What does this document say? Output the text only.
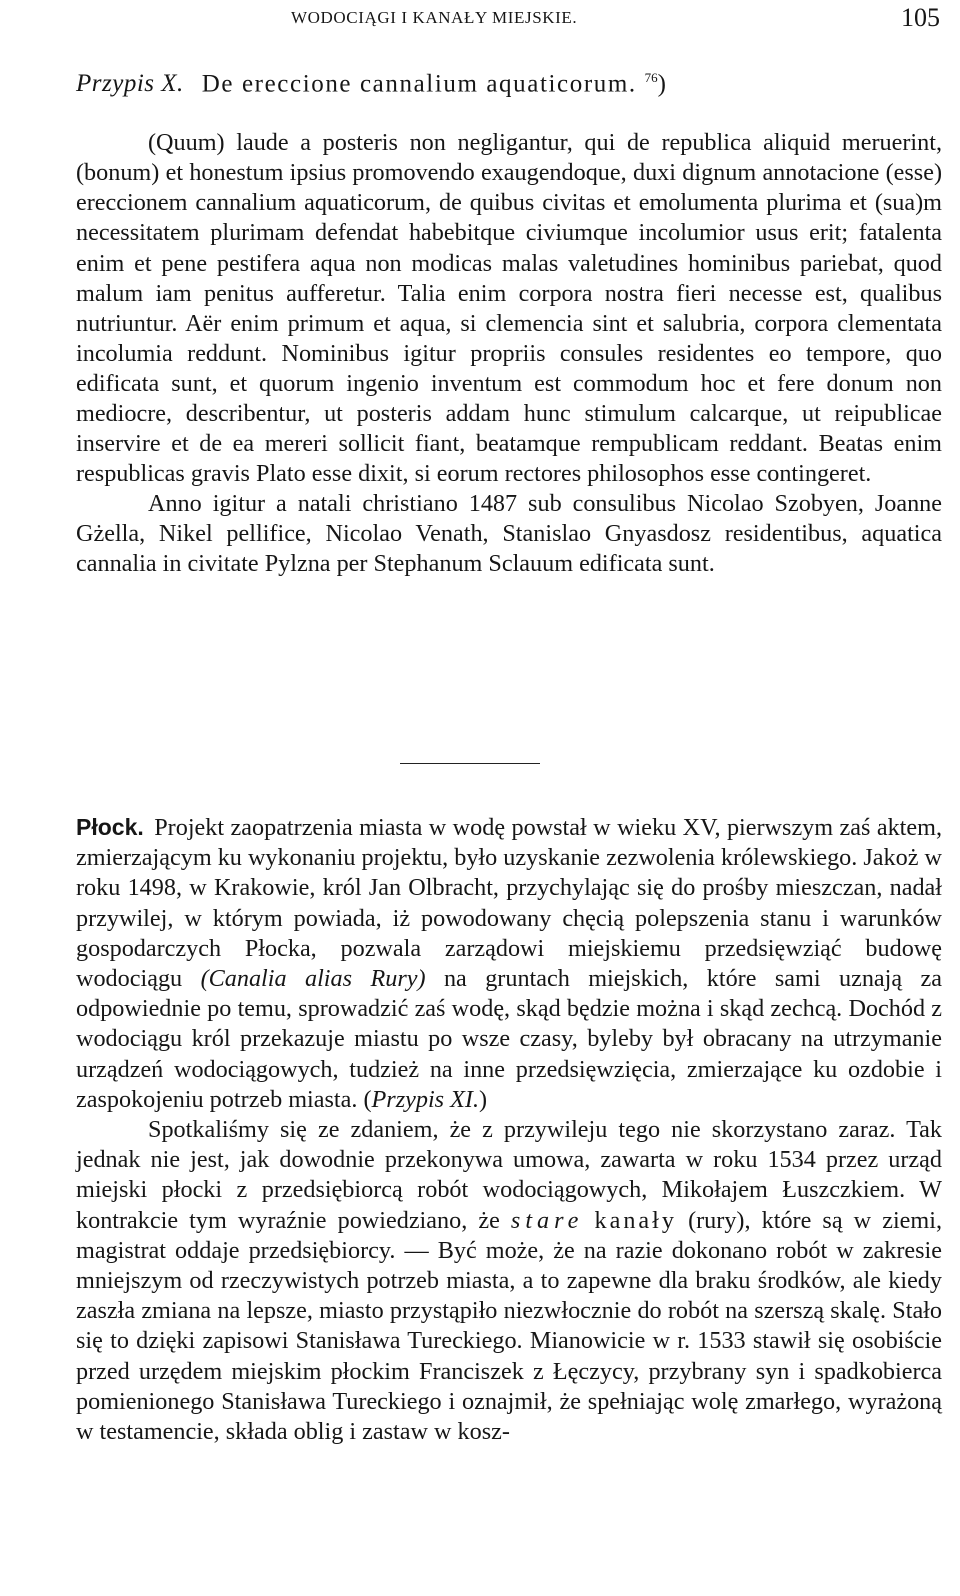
WODOCIĄGI I KANAŁY MIEJSKIE.	105
Przypis X. De ereccione cannalium aquaticorum. $^{76}$)

(Quum) laude a posteris non negligantur, qui de republica aliquid meruerint, (bonum) et honestum ipsius promovendo exaugendoque, duxi dignum annotacione (esse) ereccionem cannalium aquaticorum, de quibus civitas et emolumenta plurima et (sua)m necessitatem plurimam defendat habebitque civiumque incolumior usus erit; fatalenta enim et pene pestifera aqua non modicas malas valetudines hominibus pariebat, quod malum iam penitus aufferetur. Talia enim corpora nostra fieri necesse est, qualibus nutriuntur. Aër enim primum et aqua, si clemencia sint et salubria, corpora clementata incolumia reddunt. Nominibus igitur propriis consules residentes eo tempore, quo edificata sunt, et quorum ingenio inventum est commodum hoc et fere donum non mediocre, describentur, ut posteris addam hunc stimulum calcarque, ut reipublicae inservire et de ea mereri sollicit fiant, beatamque rempublicam reddant. Beatas enim respublicas gravis Plato esse dixit, si eorum rectores philosophos esse contingeret.

Anno igitur a natali christiano 1487 sub consulibus Nicolao Szobyen, Joanne Gżella, Nikel pellifice, Nicolao Venath, Stanislao Gnyasdosz residentibus, aquatica cannalia in civitate Pylzna per Stephanum Sclauum edificata sunt.

Płock. Projekt zaopatrzenia miasta w wodę powstał w wieku XV, pierwszym zaś aktem, zmierzającym ku wykonaniu projektu, było uzyskanie zezwolenia królewskiego. Jakoż w roku 1498, w Krakowie, król Jan Olbracht, przychylając się do prośby mieszczan, nadał przywilej, w którym powiada, iż powodowany chęcią polepszenia stanu i warunków gospodarczych Płocka, pozwala zarządowi miejskiemu przedsięwziąć budowę wodociągu (Canalia alias Rury) na gruntach miejskich, które sami uznają za odpowiednie po temu, sprowadzić zaś wodę, skąd będzie można i skąd zechcą. Dochód z wodociągu król przekazuje miastu po wsze czasy, byleby był obracany na utrzymanie urządzeń wodociągowych, tudzież na inne przedsięwzięcia, zmierzające ku ozdobie i zaspokojeniu potrzeb miasta. (Przypis XI.)

Spotkaliśmy się ze zdaniem, że z przywileju tego nie skorzystano zaraz. Tak jednak nie jest, jak dowodnie przekonywa umowa, zawarta w roku 1534 przez urząd miejski płocki z przedsiębiorcą robót wodociągowych, Mikołajem Łuszczkiem. W kontrakcie tym wyraźnie powiedziano, że stare kanały (rury), które są w ziemi, magistrat oddaje przedsiębiorcy. — Być może, że na razie dokonano robót w zakresie mniejszym od rzeczywistych potrzeb miasta, a to zapewne dla braku środków, ale kiedy zaszła zmiana na lepsze, miasto przystąpiło niezwłocznie do robót na szerszą skalę. Stało się to dzięki zapisowi Stanisława Tureckiego. Mianowicie w r. 1533 stawił się osobiście przed urzędem miejskim płockim Franciszek z Łęczycy, przybrany syn i spadkobierca pomienionego Stanisława Tureckiego i oznajmił, że spełniając wolę zmarłego, wyrażoną w testamencie, składa oblig i zastaw w kosz-
